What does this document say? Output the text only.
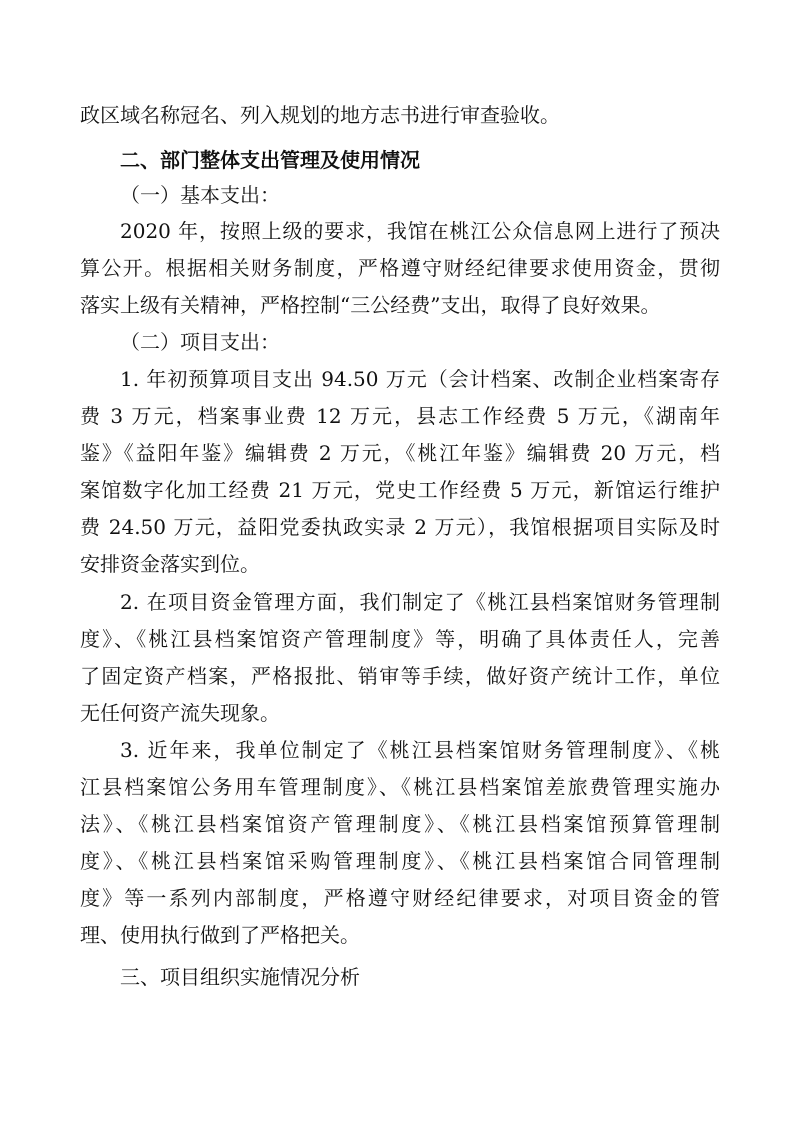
政区域名称冠名、列入规划的地方志书进行审查验收。
二、部门整体支出管理及使用情况
（一）基本支出：
2020 年，按照上级的要求，我馆在桃江公众信息网上进行了预决
算公开。根据相关财务制度，严格遵守财经纪律要求使用资金，贯彻
落实上级有关精神，严格控制“三公经费”支出，取得了良好效果。
（二）项目支出：
1. 年初预算项目支出 94.50 万元（会计档案、改制企业档案寄存
费 3 万元，档案事业费 12 万元，县志工作经费 5 万元，《湖南年
鉴》《益阳年鉴》编辑费 2 万元，《桃江年鉴》编辑费 20 万元，档
案馆数字化加工经费 21 万元，党史工作经费 5 万元，新馆运行维护
费 24.50 万元，益阳党委执政实录 2 万元），我馆根据项目实际及时
安排资金落实到位。
2. 在项目资金管理方面，我们制定了《桃江县档案馆财务管理制
度》、《桃江县档案馆资产管理制度》等，明确了具体责任人，完善
了固定资产档案，严格报批、销审等手续，做好资产统计工作，单位
无任何资产流失现象。
3. 近年来，我单位制定了《桃江县档案馆财务管理制度》、《桃
江县档案馆公务用车管理制度》、《桃江县档案馆差旅费管理实施办
法》、《桃江县档案馆资产管理制度》、《桃江县档案馆预算管理制
度》、《桃江县档案馆采购管理制度》、《桃江县档案馆合同管理制
度》等一系列内部制度，严格遵守财经纪律要求，对项目资金的管
理、使用执行做到了严格把关。
三、项目组织实施情况分析
